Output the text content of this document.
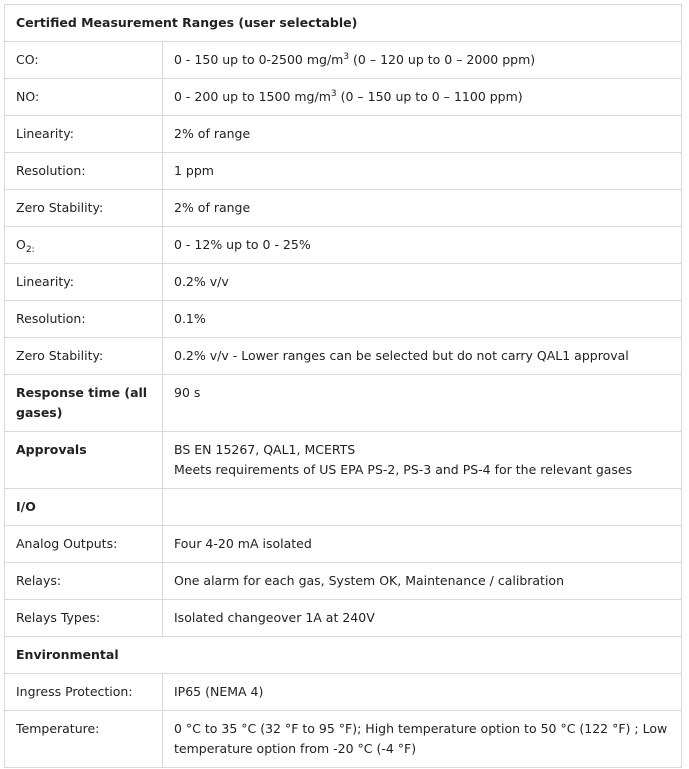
Certified Measurement Ranges (user selectable)	
CO:	0 - 150 up to 0-2500 $mg/m^3$ (0 – 120 up to 0 – 2000 ppm)
NO:	0 - 200 up to 1500 $mg/m^3$ (0 – 150 up to 0 – 1100 ppm)
Linearity:	2% of range
Resolution:	1 ppm
Zero Stability:	2% of range
$O_{2:}$	0 - 12% up to 0 - 25%
Linearity:	0.2% v/v
Resolution:	0.1%
Zero Stability:	0.2% v/v - Lower ranges can be selected but do not carry QAL1 approval
Response time (all gases)	90 s
Approvals	BS EN 15267, QAL1, MCERTS
Meets requirements of US EPA PS-2, PS-3 and PS-4 for the relevant gases

I/O	
Analog Outputs:	Four 4-20 mA isolated
Relays:	One alarm for each gas, System OK, Maintenance / calibration
Relays Types:	Isolated changeover 1A at 240V
Environmental	
Ingress Protection:	IP65 (NEMA 4)
Temperature:	0 °C to 35 °C (32 °F to 95 °F); High temperature option to 50 °C (122 °F) ; Low temperature option from -20 °C (-4 °F)
